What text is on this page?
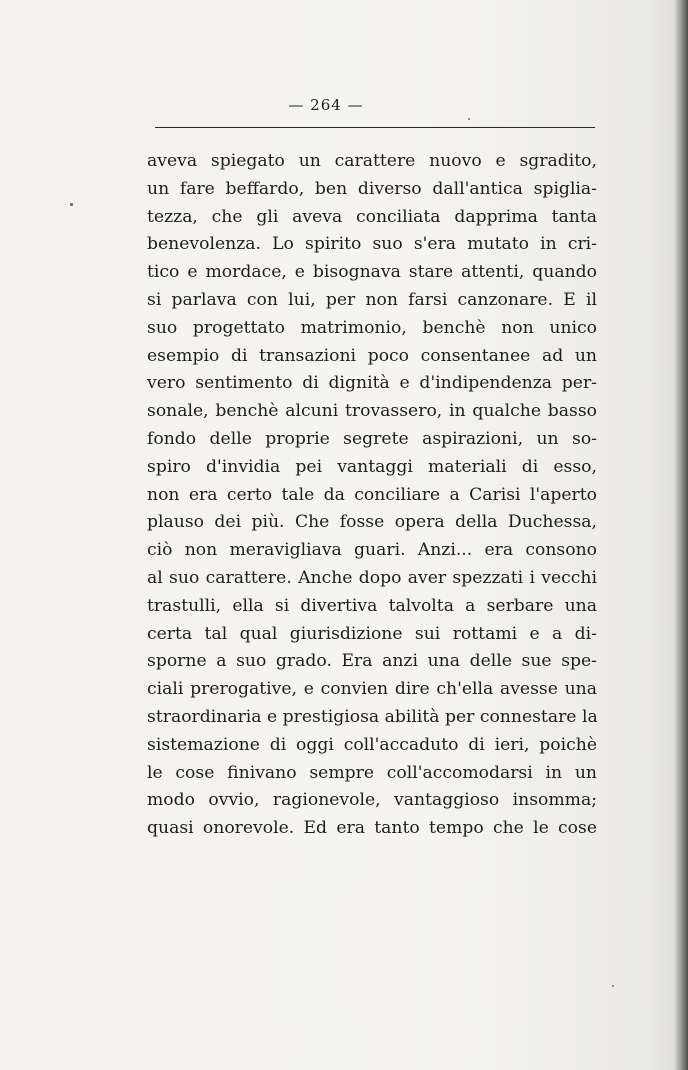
— 264 —
aveva spiegato un carattere nuovo e sgradito,
un fare beffardo, ben diverso dall'antica spiglia-
tezza, che gli aveva conciliata dapprima tanta
benevolenza. Lo spirito suo s'era mutato in cri-
tico e mordace, e bisognava stare attenti, quando
si parlava con lui, per non farsi canzonare. E il
suo progettato matrimonio, benchè non unico
esempio di transazioni poco consentanee ad un
vero sentimento di dignità e d'indipendenza per-
sonale, benchè alcuni trovassero, in qualche basso
fondo delle proprie segrete aspirazioni, un so-
spiro d'invidia pei vantaggi materiali di esso,
non era certo tale da conciliare a Carisi l'aperto
plauso dei più. Che fosse opera della Duchessa,
ciò non meravigliava guari. Anzi... era consono
al suo carattere. Anche dopo aver spezzati i vecchi
trastulli, ella si divertiva talvolta a serbare una
certa tal qual giurisdizione sui rottami e a di-
sporne a suo grado. Era anzi una delle sue spe-
ciali prerogative, e convien dire ch'ella avesse una
straordinaria e prestigiosa abilità per connestare la
sistemazione di oggi coll'accaduto di ieri, poichè
le cose finivano sempre coll'accomodarsi in un
modo ovvio, ragionevole, vantaggioso insomma;
quasi onorevole. Ed era tanto tempo che le cose
